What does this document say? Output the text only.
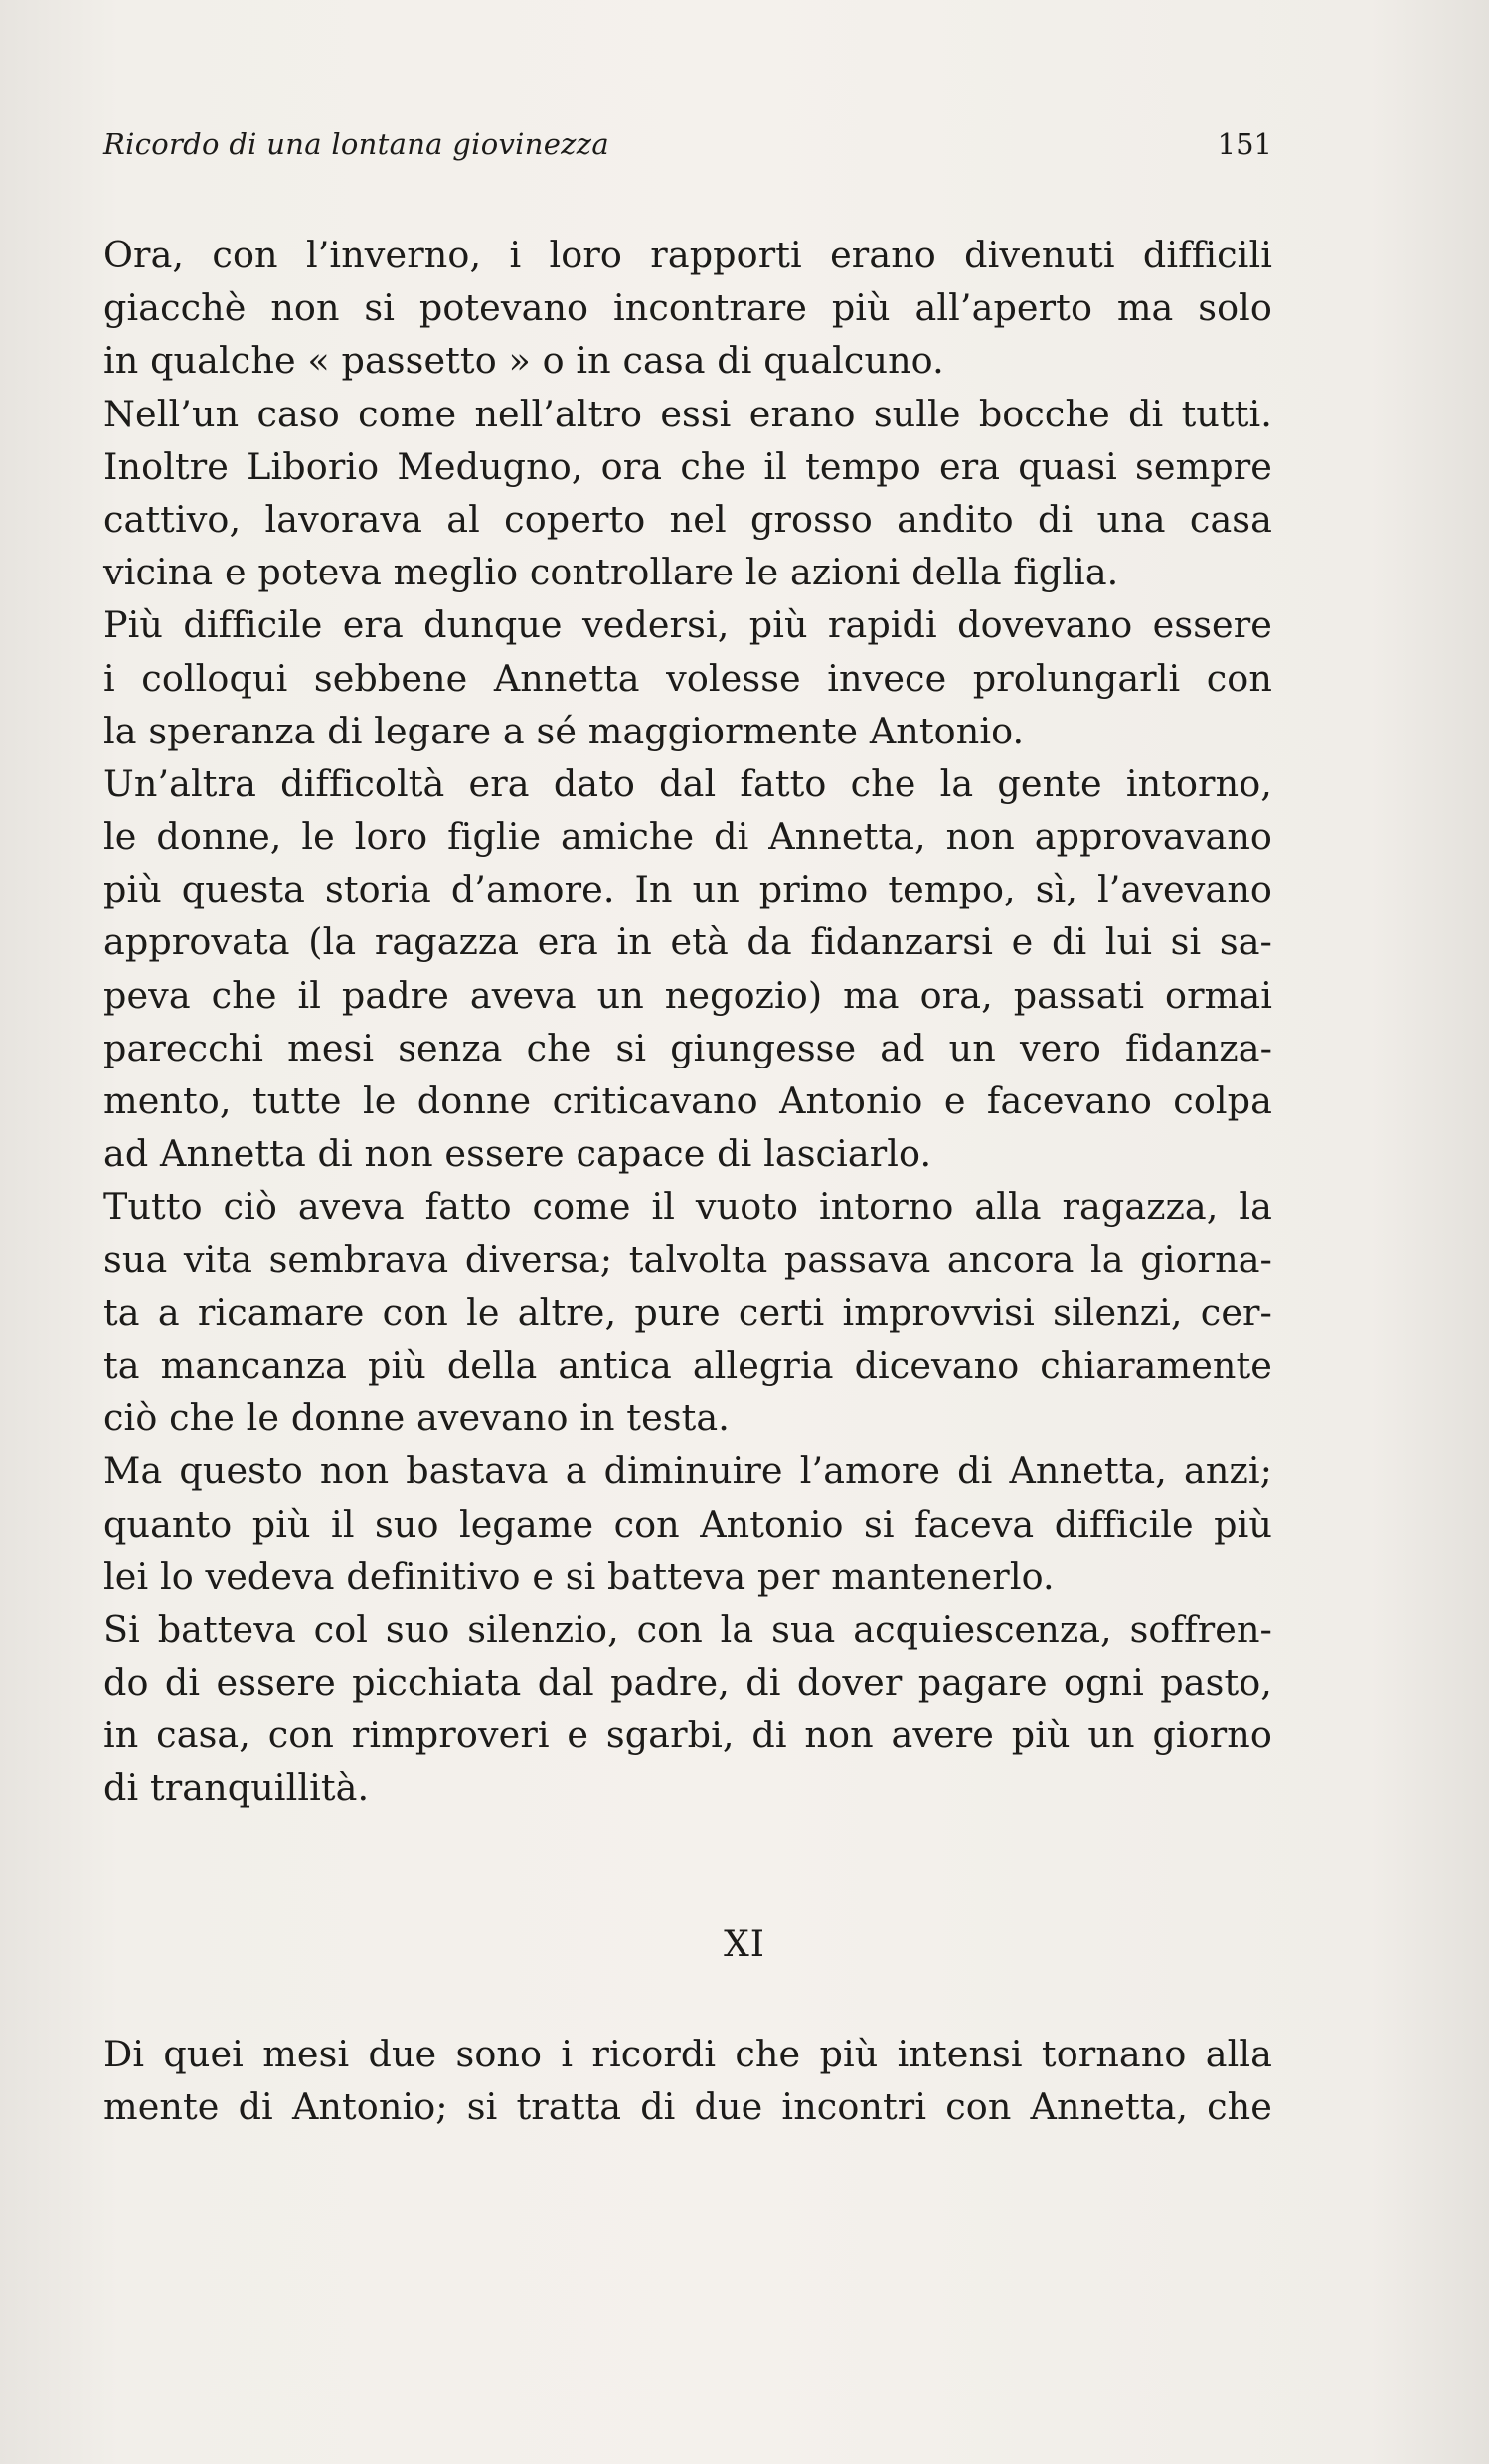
Ricordo di una lontana giovinezza	151
Ora, con l’inverno, i loro rapporti erano divenuti difficili
giacchè non si potevano incontrare più all’aperto ma solo
in qualche « passetto » o in casa di qualcuno.
Nell’un caso come nell’altro essi erano sulle bocche di tutti.
Inoltre Liborio Medugno, ora che il tempo era quasi sempre
cattivo, lavorava al coperto nel grosso andito di una casa
vicina e poteva meglio controllare le azioni della figlia.
Più difficile era dunque vedersi, più rapidi dovevano essere
i colloqui sebbene Annetta volesse invece prolungarli con
la speranza di legare a sé maggiormente Antonio.
Un’altra difficoltà era dato dal fatto che la gente intorno,
le donne, le loro figlie amiche di Annetta, non approvavano
più questa storia d’amore. In un primo tempo, sì, l’avevano
approvata (la ragazza era in età da fidanzarsi e di lui si sa-
peva che il padre aveva un negozio) ma ora, passati ormai
parecchi mesi senza che si giungesse ad un vero fidanza-
mento, tutte le donne criticavano Antonio e facevano colpa
ad Annetta di non essere capace di lasciarlo.
Tutto ciò aveva fatto come il vuoto intorno alla ragazza, la
sua vita sembrava diversa; talvolta passava ancora la giorna-
ta a ricamare con le altre, pure certi improvvisi silenzi, cer-
ta mancanza più della antica allegria dicevano chiaramente
ciò che le donne avevano in testa.
Ma questo non bastava a diminuire l’amore di Annetta, anzi;
quanto più il suo legame con Antonio si faceva difficile più
lei lo vedeva definitivo e si batteva per mantenerlo.
Si batteva col suo silenzio, con la sua acquiescenza, soffren-
do di essere picchiata dal padre, di dover pagare ogni pasto,
in casa, con rimproveri e sgarbi, di non avere più un giorno
di tranquillità.
XI
Di quei mesi due sono i ricordi che più intensi tornano alla
mente di Antonio; si tratta di due incontri con Annetta, che
